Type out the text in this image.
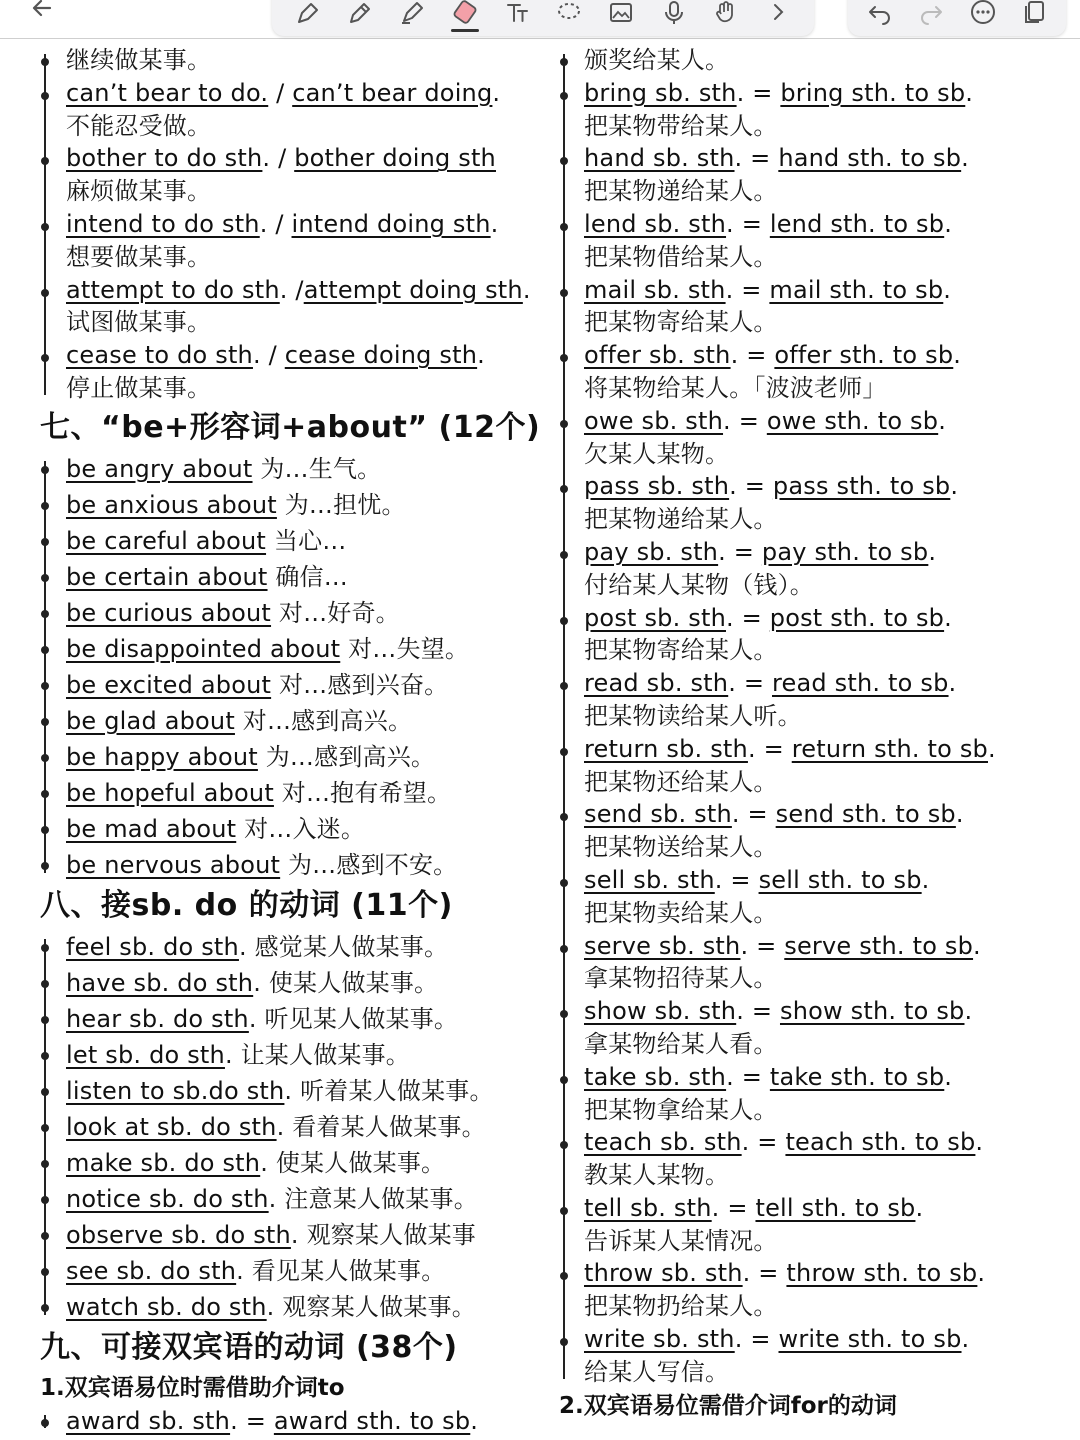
继续做某事。
can’t bear to do. / can’t bear doing.
不能忍受做。
bother to do sth. / bother doing sth
麻烦做某事。
intend to do sth. / intend doing sth.
想要做某事。
attempt to do sth. /attempt doing sth.
试图做某事。
cease to do sth. / cease doing sth.
停止做某事。
七、“be+形容词+about” (12个)
be angry about 为…生气。
be anxious about 为…担忧。
be careful about 当心…
be certain about 确信…
be curious about 对…好奇。
be disappointed about 对…失望。
be excited about 对…感到兴奋。
be glad about 对…感到高兴。
be happy about 为…感到高兴。
be hopeful about 对…抱有希望。
be mad about 对…入迷。
be nervous about 为…感到不安。
八、接sb. do 的动词 (11个)
feel sb. do sth. 感觉某人做某事。
have sb. do sth. 使某人做某事。
hear sb. do sth. 听见某人做某事。
let sb. do sth. 让某人做某事。
listen to sb.do sth. 听着某人做某事。
look at sb. do sth. 看着某人做某事。
make sb. do sth. 使某人做某事。
notice sb. do sth. 注意某人做某事。
observe sb. do sth. 观察某人做某事
see sb. do sth. 看见某人做某事。
watch sb. do sth. 观察某人做某事。
九、可接双宾语的动词 (38个)
1.双宾语易位时需借助介词to
award sb. sth. = award sth. to sb.
颁奖给某人。
bring sb. sth. = bring sth. to sb.
把某物带给某人。
hand sb. sth. = hand sth. to sb.
把某物递给某人。
lend sb. sth. = lend sth. to sb.
把某物借给某人。
mail sb. sth. = mail sth. to sb.
把某物寄给某人。
offer sb. sth. = offer sth. to sb.
将某物给某人。「波波老师」
owe sb. sth. = owe sth. to sb.
欠某人某物。
pass sb. sth. = pass sth. to sb.
把某物递给某人。
pay sb. sth. = pay sth. to sb.
付给某人某物（钱）。
post sb. sth. = post sth. to sb.
把某物寄给某人。
read sb. sth. = read sth. to sb.
把某物读给某人听。
return sb. sth. = return sth. to sb.
把某物还给某人。
send sb. sth. = send sth. to sb.
把某物送给某人。
sell sb. sth. = sell sth. to sb.
把某物卖给某人。
serve sb. sth. = serve sth. to sb.
拿某物招待某人。
show sb. sth. = show sth. to sb.
拿某物给某人看。
take sb. sth. = take sth. to sb.
把某物拿给某人。
teach sb. sth. = teach sth. to sb.
教某人某物。
tell sb. sth. = tell sth. to sb.
告诉某人某情况。
throw sb. sth. = throw sth. to sb.
把某物扔给某人。
write sb. sth. = write sth. to sb.
给某人写信。
2.双宾语易位需借介词for的动词
